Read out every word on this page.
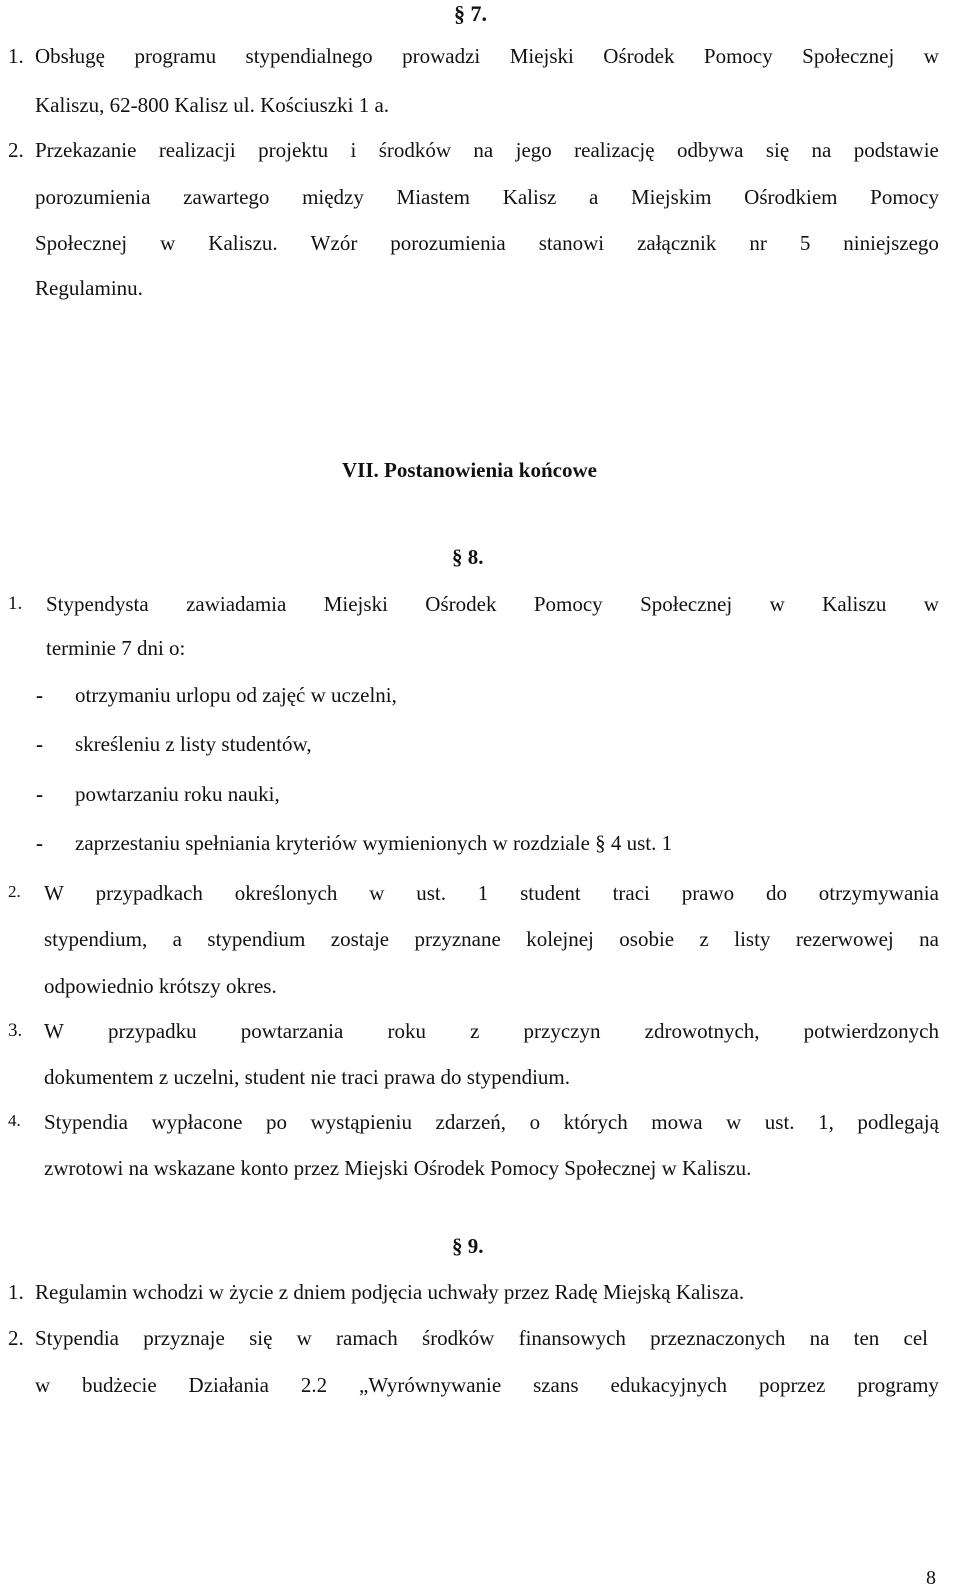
§ 7.
1. Obsługę programu stypendialnego prowadzi Miejski Ośrodek Pomocy Społecznej w
Kaliszu, 62-800 Kalisz ul. Kościuszki 1 a.
2. Przekazanie realizacji projektu i środków na jego realizację odbywa się na podstawie
porozumienia zawartego między Miastem Kalisz a Miejskim Ośrodkiem Pomocy
Społecznej w Kaliszu. Wzór porozumienia stanowi załącznik nr 5 niniejszego
Regulaminu.
VII. Postanowienia końcowe
§ 8.
1. Stypendysta zawiadamia Miejski Ośrodek Pomocy Społecznej w Kaliszu w
terminie 7 dni o:
- otrzymaniu urlopu od zajęć w uczelni,
- skreśleniu z listy studentów,
- powtarzaniu roku nauki,
- zaprzestaniu spełniania kryteriów wymienionych w rozdziale § 4 ust. 1
2. W przypadkach określonych w ust. 1 student traci prawo do otrzymywania
stypendium, a stypendium zostaje przyznane kolejnej osobie z listy rezerwowej na
odpowiednio krótszy okres.
3. W przypadku powtarzania roku z przyczyn zdrowotnych, potwierdzonych
dokumentem z uczelni, student nie traci prawa do stypendium.
4. Stypendia wypłacone po wystąpieniu zdarzeń, o których mowa w ust. 1, podlegają
zwrotowi na wskazane konto przez Miejski Ośrodek Pomocy Społecznej w Kaliszu.
§ 9.
1. Regulamin wchodzi w życie z dniem podjęcia uchwały przez Radę Miejską Kalisza.
2. Stypendia przyznaje się w ramach środków finansowych przeznaczonych na ten cel
w budżecie Działania 2.2 „Wyrównywanie szans edukacyjnych poprzez programy
8
